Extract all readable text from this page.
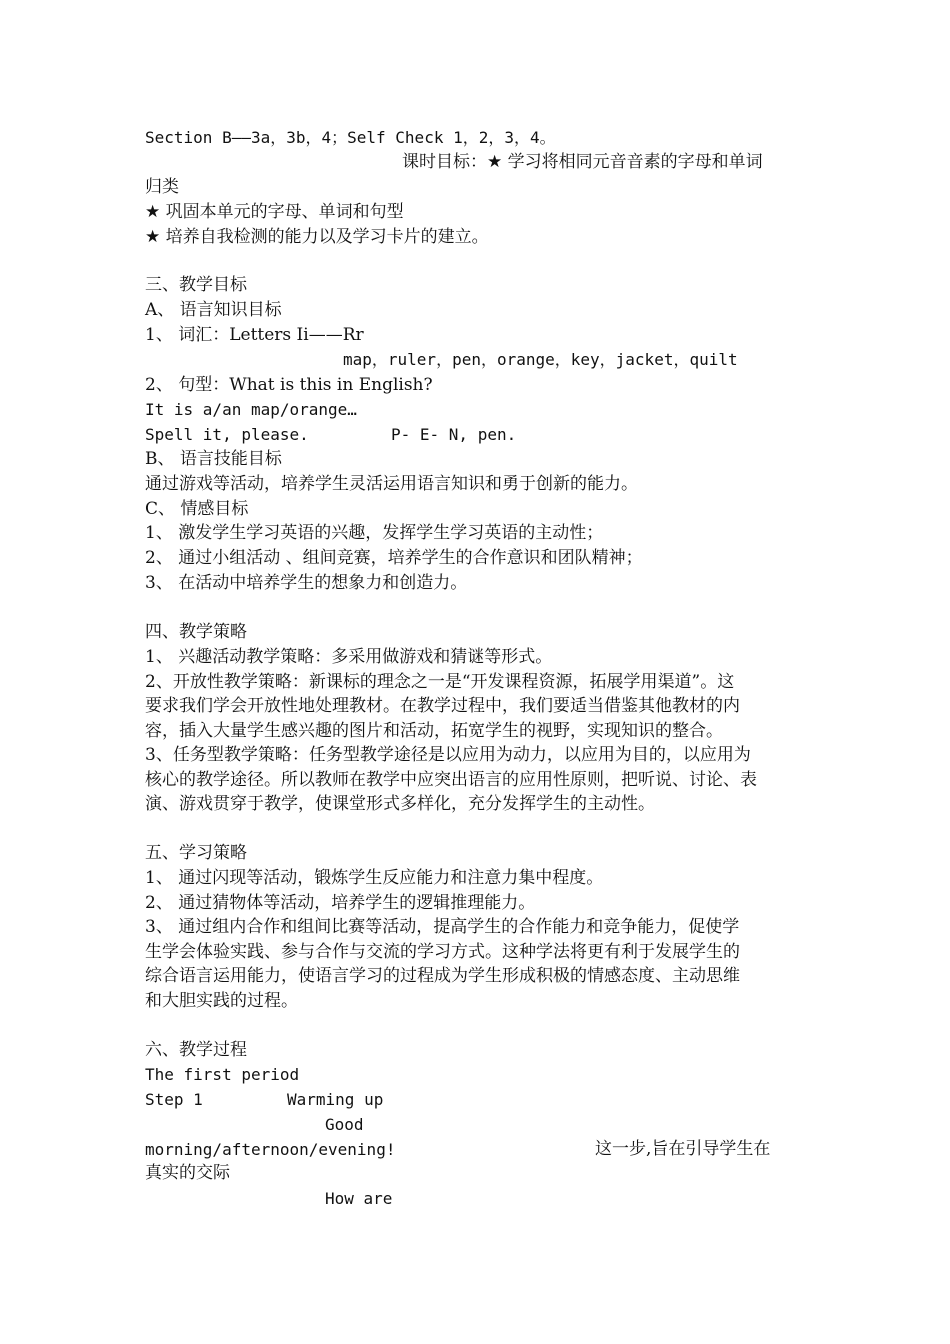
Section B——3a，3b，4；Self Check 1，2，3，4。
课时目标：★ 学习将相同元音音素的字母和单词
归类
★ 巩固本单元的字母、单词和句型
★ 培养自我检测的能力以及学习卡片的建立。
三、教学目标
A、 语言知识目标
1、 词汇：Letters Ii——Rr
map，ruler，pen，orange，key，jacket，quilt
2、 句型：What is this in English?
It is a/an map/orange…
Spell it, please.	P- E- N, pen.
B、 语言技能目标
通过游戏等活动，培养学生灵活运用语言知识和勇于创新的能力。
C、 情感目标
1、 激发学生学习英语的兴趣，发挥学生学习英语的主动性；
2、 通过小组活动 、组间竞赛，培养学生的合作意识和团队精神；
3、 在活动中培养学生的想象力和创造力。
四、教学策略
1、 兴趣活动教学策略：多采用做游戏和猜谜等形式。
2、开放性教学策略：新课标的理念之一是“开发课程资源，拓展学用渠道”。这
要求我们学会开放性地处理教材。在教学过程中，我们要适当借鉴其他教材的内
容，插入大量学生感兴趣的图片和活动，拓宽学生的视野，实现知识的整合。
3、任务型教学策略：任务型教学途径是以应用为动力，以应用为目的，以应用为
核心的教学途径。所以教师在教学中应突出语言的应用性原则，把听说、讨论、表
演、游戏贯穿于教学，使课堂形式多样化，充分发挥学生的主动性。
五、学习策略
1、 通过闪现等活动，锻炼学生反应能力和注意力集中程度。
2、 通过猜物体等活动，培养学生的逻辑推理能力。
3、 通过组内合作和组间比赛等活动，提高学生的合作能力和竞争能力，促使学
生学会体验实践、参与合作与交流的学习方式。这种学法将更有利于发展学生的
综合语言运用能力，使语言学习的过程成为学生形成积极的情感态度、主动思维
和大胆实践的过程。
六、教学过程
The first period
Step 1	Warming up
Good
morning/afternoon/evening!	这一步,旨在引导学生在
真实的交际
How are
